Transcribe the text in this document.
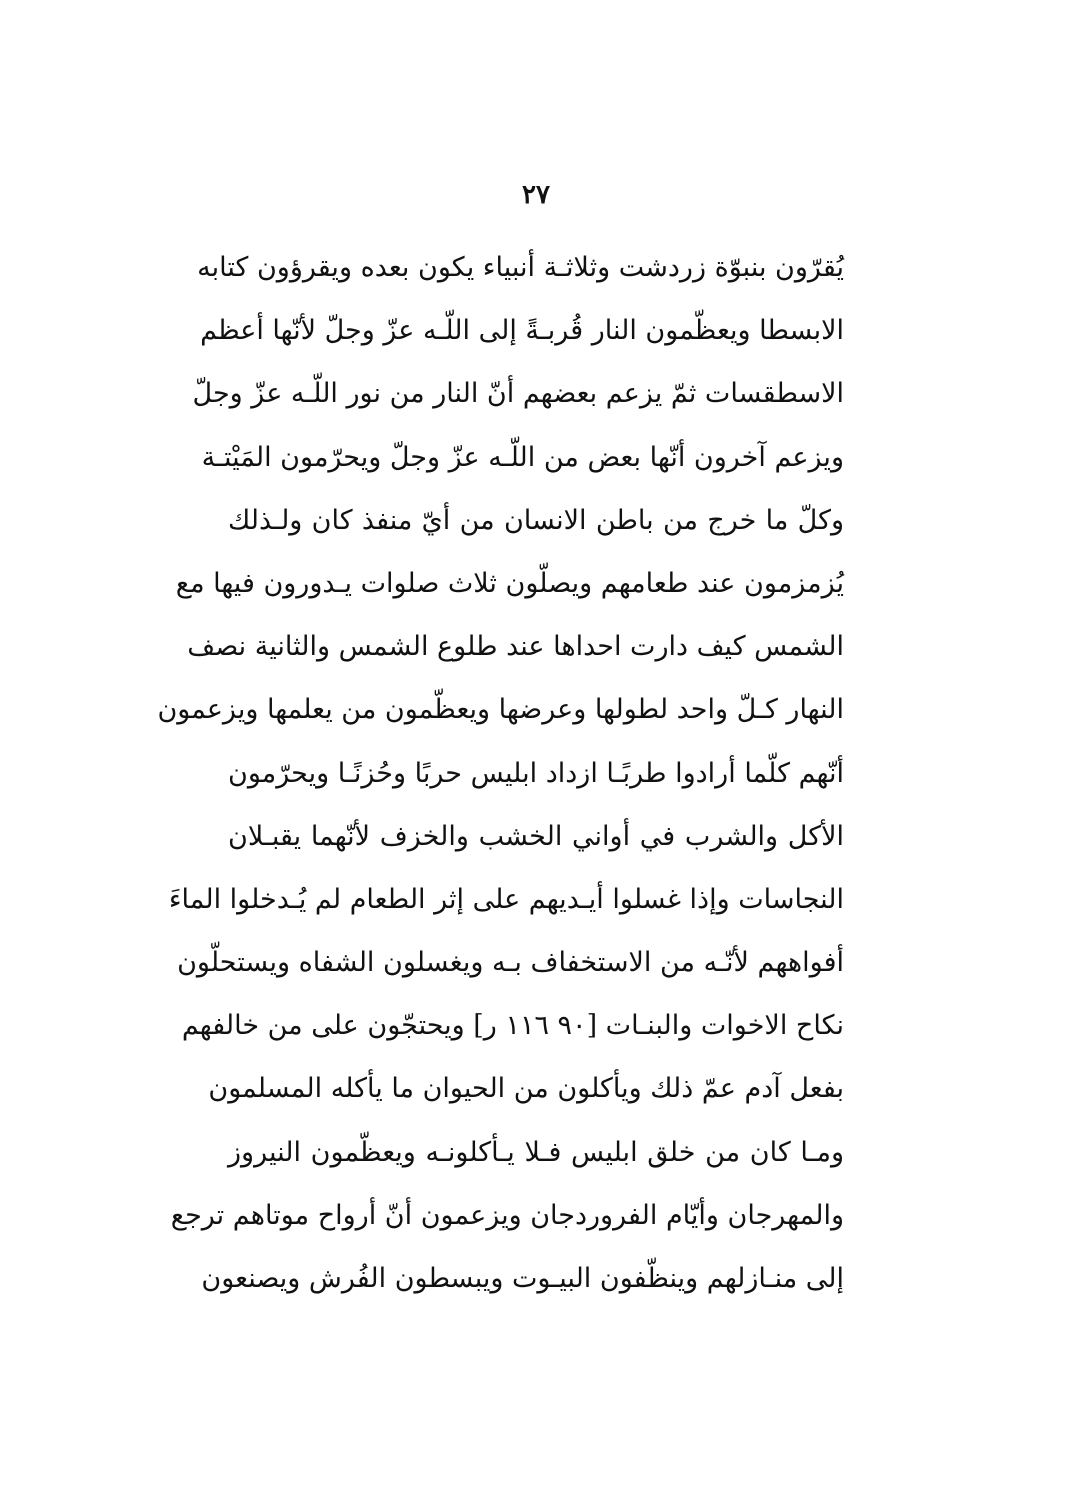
٢٧
يُقرّون بنبوّة زردشت وثلاثـة أنبياء يكون بعده ويقرؤون كتابه
الابسطا ويعظّمون النار قُربـةً إلى اللّـه عزّ وجلّ لأنّها أعظم
الاسطقسات ثمّ يزعم بعضهم أنّ النار من نور اللّـه عزّ وجلّ
ويزعم آخرون أنّها بعض من اللّـه عزّ وجلّ ويحرّمون المَيْتـة
وكلّ ما خرج من باطن الانسان من أيّ منفذ كان ولـذلك
يُزمزمون عند طعامهم ويصلّون ثلاث صلوات يـدورون فيها مع
الشمس كيف دارت احداها عند طلوع الشمس والثانية نصف
النهار كـلّ واحد لطولها وعرضها ويعظّمون من يعلمها ويزعمون
أنّهم كلّما أرادوا طربًـا ازداد ابليس حربًا وحُزنًـا ويحرّمون
الأكل والشرب في أواني الخشب والخزف لأنّهما يقبـلان
النجاسات وإذا غسلوا أيـديهم على إثر الطعام لم يُـدخلوا الماءَ
أفواههم لأنّـه من الاستخفاف بـه ويغسلون الشفاه ويستحلّون
نكاح الاخوات والبنـات [٩٠ ١١٦ ر] ويحتجّون على من خالفهم
بفعل آدم عمّ ذلك ويأكلون من الحيوان ما يأكله المسلمون
ومـا كان من خلق ابليس فـلا يـأكلونـه ويعظّمون النيروز
والمهرجان وأيّام الفروردجان ويزعمون أنّ أرواح موتاهم ترجع
إلى منـازلهم وينظّفون البيـوت ويبسطون الفُرش ويصنعون
